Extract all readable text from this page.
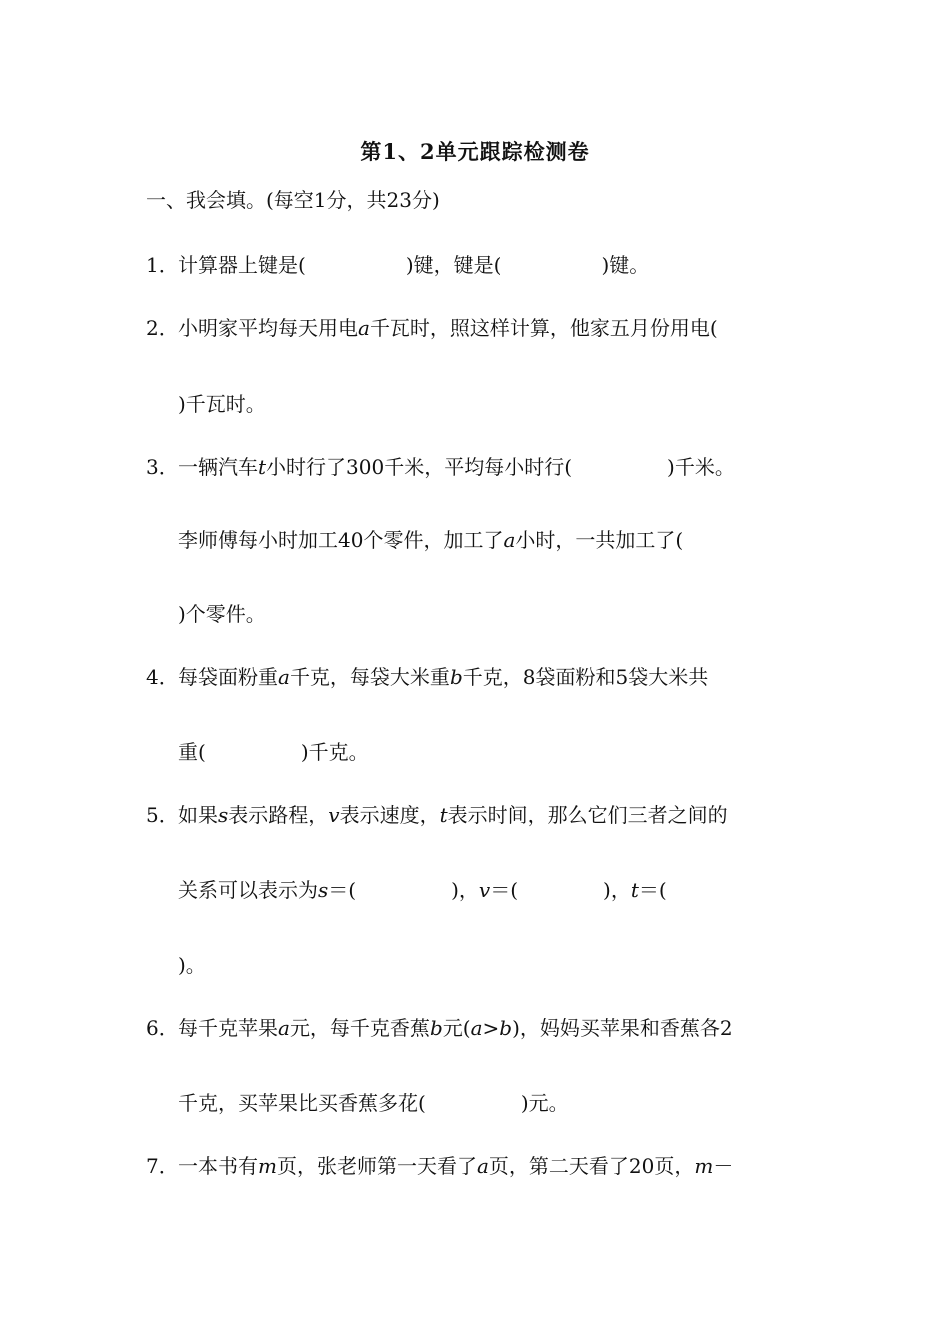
第1、2单元跟踪检测卷
一、我会填。(每空1分，共23分)
1． 计算器上键是(	)键，键是(	)键。
2． 小明家平均每天用电a千瓦时，照这样计算，他家五月份用电(
)千瓦时。
3． 一辆汽车t小时行了300千米，平均每小时行(	)千米。
李师傅每小时加工40个零件，加工了a小时，一共加工了(
)个零件。
4． 每袋面粉重a千克，每袋大米重b千克，8袋面粉和5袋大米共
重(	)千克。
5． 如果s表示路程，v表示速度，t表示时间，那么它们三者之间的
关系可以表示为s＝(	)，v＝(	)，t＝(
)。
6． 每千克苹果a元，每千克香蕉b元(a>b)，妈妈买苹果和香蕉各2
千克，买苹果比买香蕉多花(	)元。
7． 一本书有m页，张老师第一天看了a页，第二天看了20页，m－
